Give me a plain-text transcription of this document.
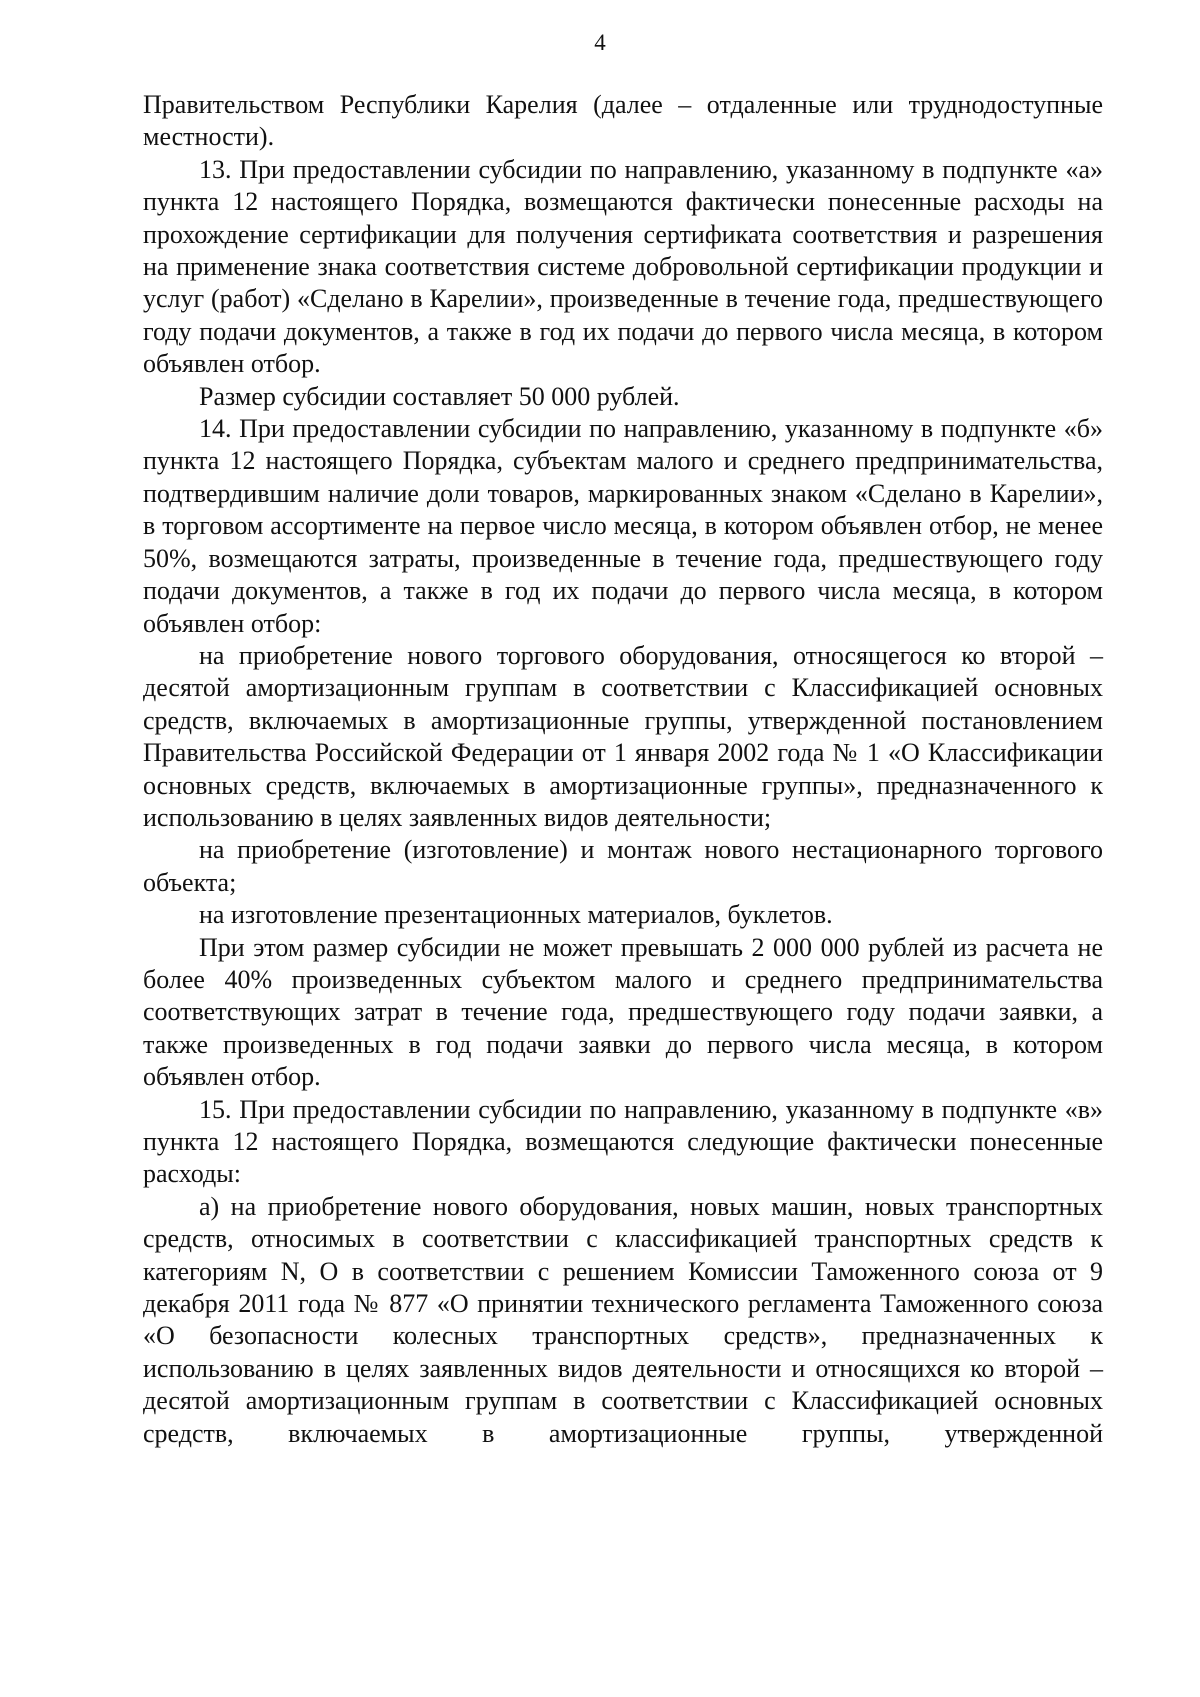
4

Правительством Республики Карелия (далее – отдаленные или труднодоступные местности).

13. При предоставлении субсидии по направлению, указанному в подпункте «а» пункта 12 настоящего Порядка, возмещаются фактически понесенные расходы на прохождение сертификации для получения сертификата соответствия и разрешения на применение знака соответствия системе добровольной сертификации продукции и услуг (работ) «Сделано в Карелии», произведенные в течение года, предшествующего году подачи документов, а также в год их подачи до первого числа месяца, в котором объявлен отбор.

Размер субсидии составляет 50 000 рублей.

14. При предоставлении субсидии по направлению, указанному в подпункте «б» пункта 12 настоящего Порядка, субъектам малого и среднего предпринимательства, подтвердившим наличие доли товаров, маркированных знаком «Сделано в Карелии», в торговом ассортименте на первое число месяца, в котором объявлен отбор, не менее 50%, возмещаются затраты, произведенные в течение года, предшествующего году подачи документов, а также в год их подачи до первого числа месяца, в котором объявлен отбор:

на приобретение нового торгового оборудования, относящегося ко второй – десятой амортизационным группам в соответствии с Классификацией основных средств, включаемых в амортизационные группы, утвержденной постановлением Правительства Российской Федерации от 1 января 2002 года № 1 «О Классификации основных средств, включаемых в амортизационные группы», предназначенного к использованию в целях заявленных видов деятельности;

на приобретение (изготовление) и монтаж нового нестационарного торгового объекта;

на изготовление презентационных материалов, буклетов.

При этом размер субсидии не может превышать 2 000 000 рублей из расчета не более 40% произведенных субъектом малого и среднего предпринимательства соответствующих затрат в течение года, предшествующего году подачи заявки, а также произведенных в год подачи заявки до первого числа месяца, в котором объявлен отбор.

15. При предоставлении субсидии по направлению, указанному в подпункте «в» пункта 12 настоящего Порядка, возмещаются следующие фактически понесенные расходы:

а) на приобретение нового оборудования, новых машин, новых транспортных средств, относимых в соответствии с классификацией транспортных средств к категориям N, O в соответствии с решением Комиссии Таможенного союза от 9 декабря 2011 года № 877 «О принятии технического регламента Таможенного союза «О безопасности колесных транспортных средств», предназначенных к использованию в целях заявленных видов деятельности и относящихся ко второй – десятой амортизационным группам в соответствии с Классификацией основных средств, включаемых в амортизационные группы, утвержденной
